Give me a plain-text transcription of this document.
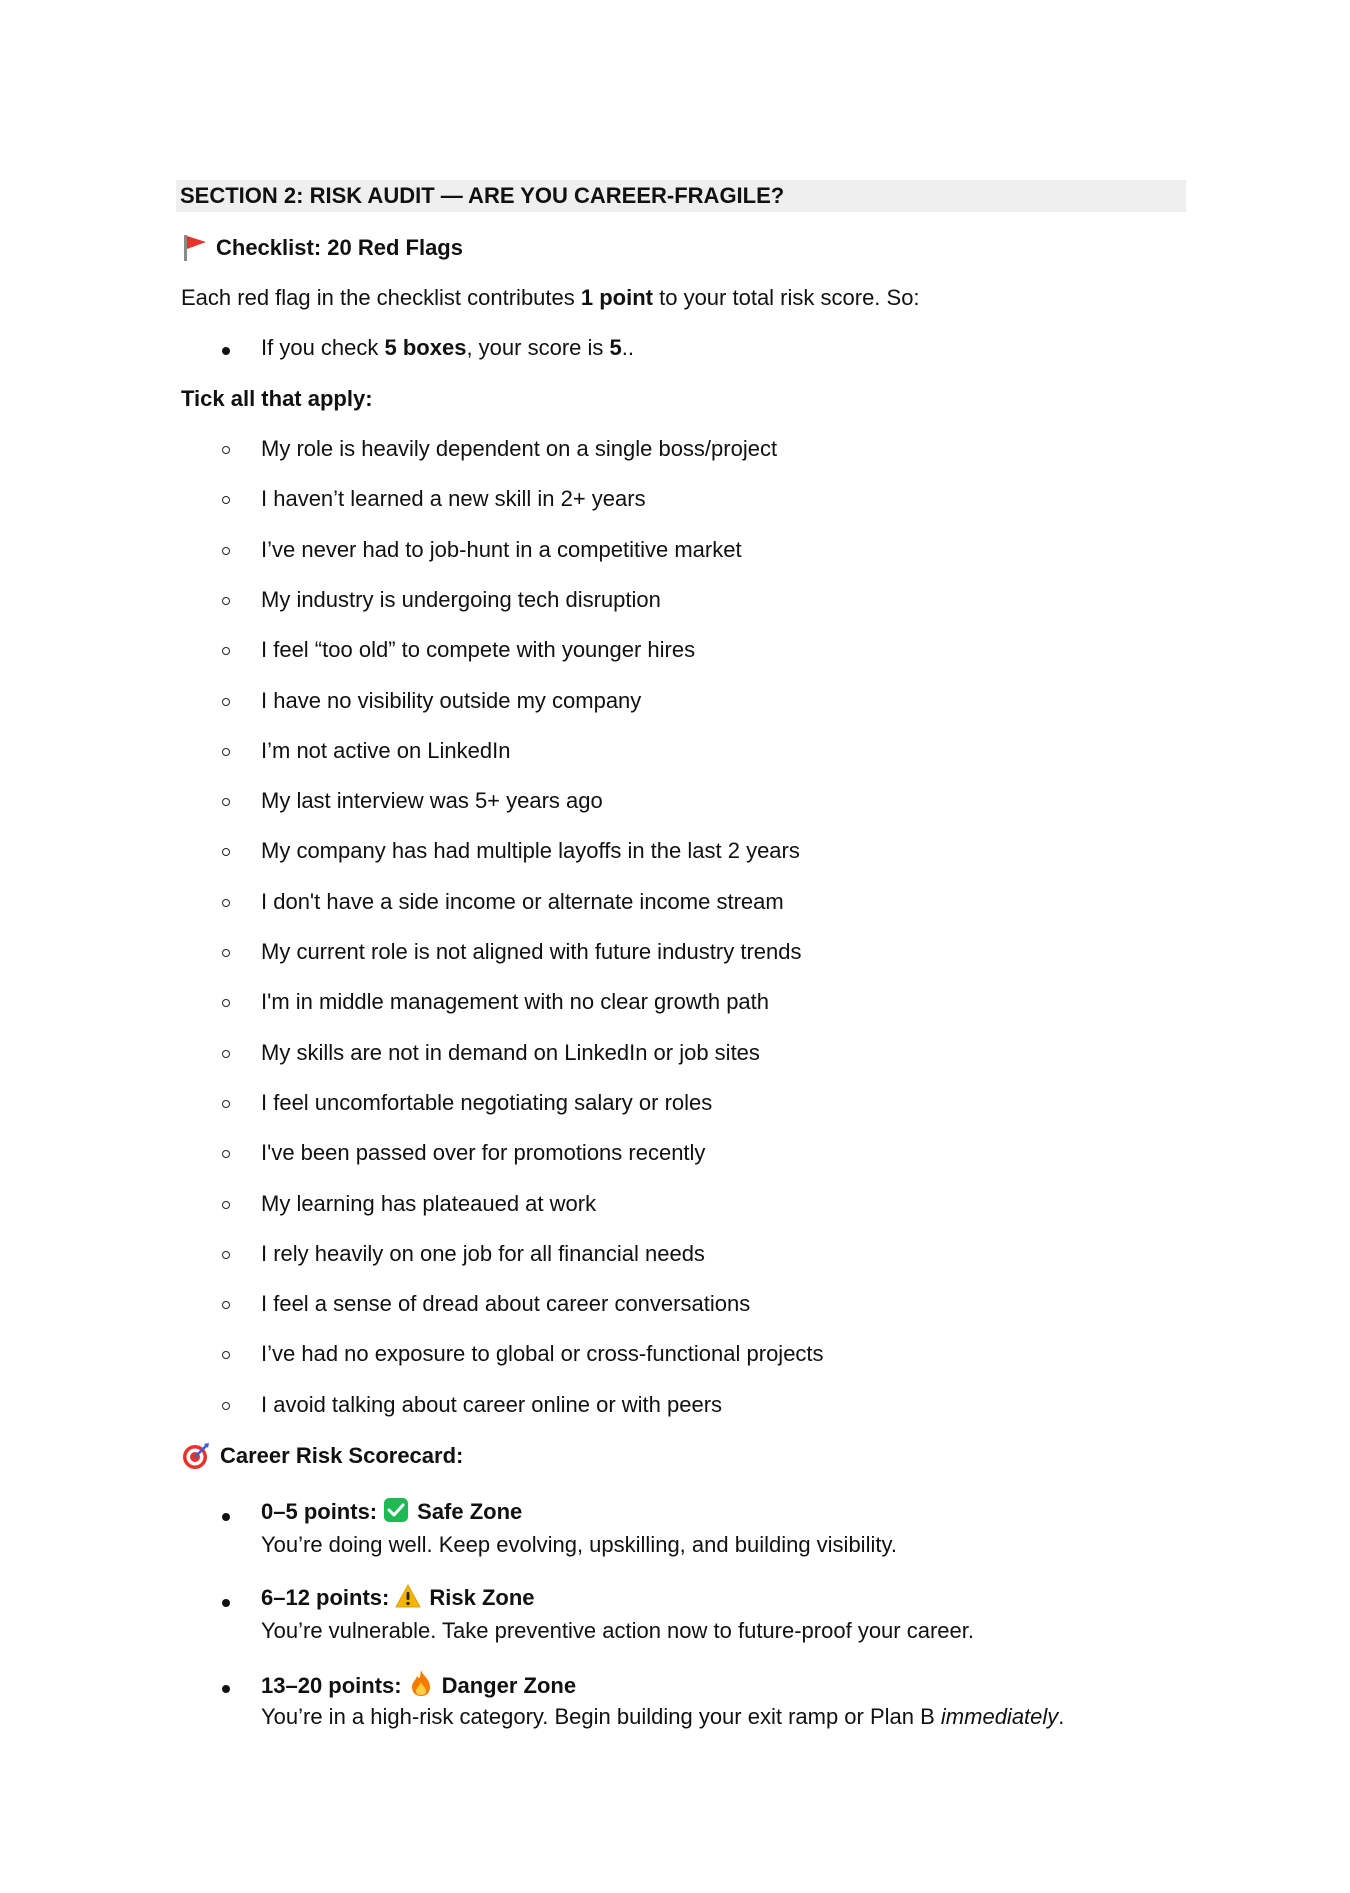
SECTION 2: RISK AUDIT — ARE YOU CAREER-FRAGILE?
Checklist: 20 Red Flags
Each red flag in the checklist contributes 1 point to your total risk score. So:
If you check 5 boxes, your score is 5..
Tick all that apply:
My role is heavily dependent on a single boss/project
I haven’t learned a new skill in 2+ years
I’ve never had to job-hunt in a competitive market
My industry is undergoing tech disruption
I feel “too old” to compete with younger hires
I have no visibility outside my company
I’m not active on LinkedIn
My last interview was 5+ years ago
My company has had multiple layoffs in the last 2 years
I don't have a side income or alternate income stream
My current role is not aligned with future industry trends
I'm in middle management with no clear growth path
My skills are not in demand on LinkedIn or job sites
I feel uncomfortable negotiating salary or roles
I've been passed over for promotions recently
My learning has plateaued at work
I rely heavily on one job for all financial needs
I feel a sense of dread about career conversations
I’ve had no exposure to global or cross-functional projects
I avoid talking about career online or with peers
Career Risk Scorecard:
0–5 points: Safe Zone
You’re doing well. Keep evolving, upskilling, and building visibility.
6–12 points: Risk Zone
You’re vulnerable. Take preventive action now to future-proof your career.
13–20 points: Danger Zone
You’re in a high-risk category. Begin building your exit ramp or Plan B immediately.
